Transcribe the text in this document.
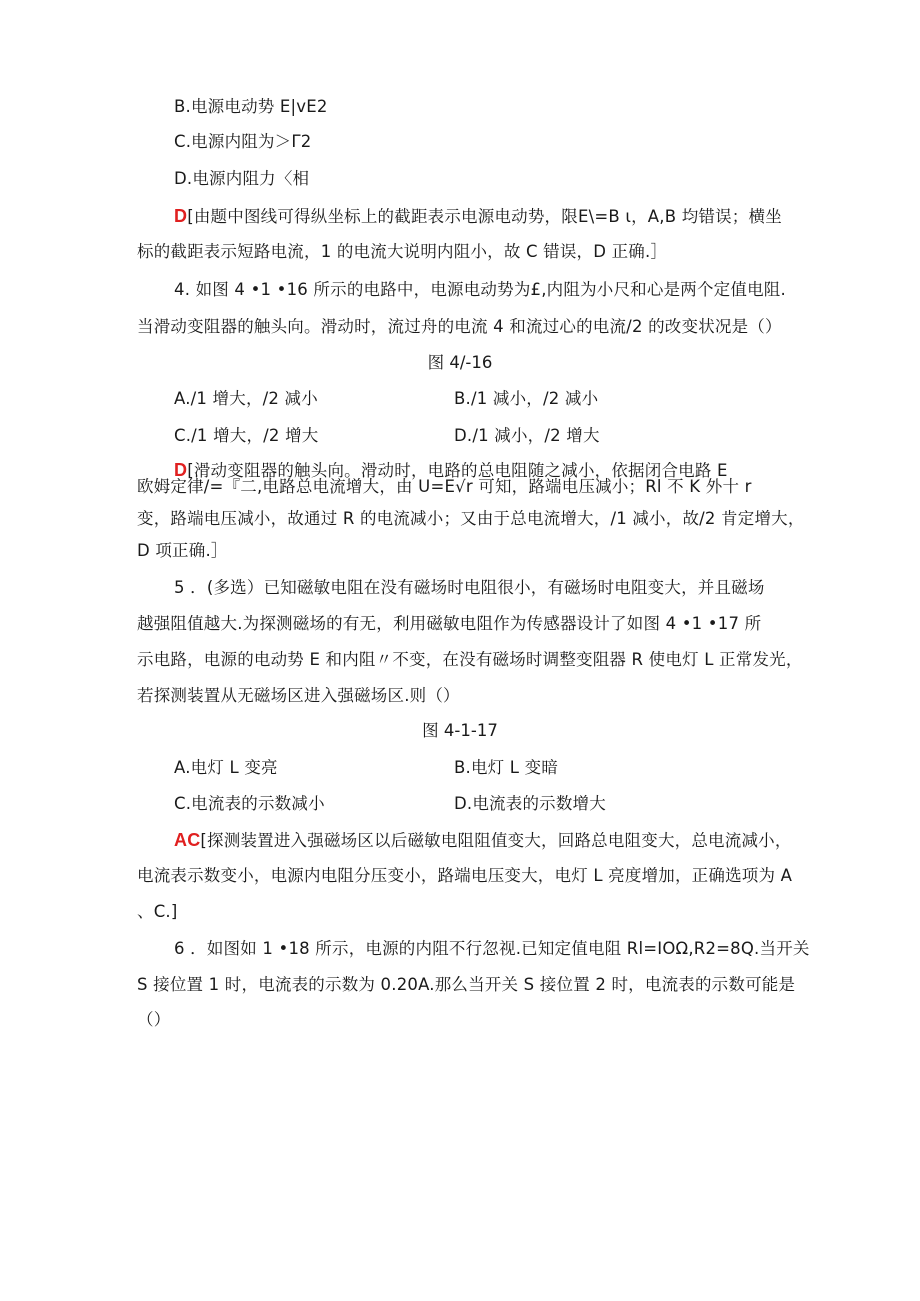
B.电源电动势 E|vE2
C.电源内阻为＞Γ2
D.电源内阻力〈相
D[由题中图线可得纵坐标上的截距表示电源电动势，限E\=B ι，A,B 均错误；横坐
标的截距表示短路电流，1 的电流大说明内阻小，故 C 错误，D 正确.］
4. 如图 4 •1 •16 所示的电路中，电源电动势为£,内阻为小尺和心是两个定值电阻.
当滑动变阻器的触头向。滑动时，流过舟的电流 4 和流过心的电流/2 的改变状况是（）
图 4/-16
A./1 增大，/2 减小	B./1 减小，/2 减小
C./1 增大，/2 增大	D./1 减小，/2 增大
D[滑动变阻器的触头向。滑动时，电路的总电阻随之减小，依据闭合电路 E
欧姆定律/=『二,电路总电流增大，由 U=E√r 可知，路端电压减小；Rl 不 K 外十 r
变，路端电压减小，故通过 R 的电流减小；又由于总电流增大，/1 减小，故/2 肯定增大，
D 项正确.］
5 ．(多选）已知磁敏电阻在没有磁场时电阻很小，有磁场时电阻变大，并且磁场
越强阻值越大.为探测磁场的有无，利用磁敏电阻作为传感器设计了如图 4 •1 •17 所
示电路，电源的电动势 E 和内阻〃不变，在没有磁场时调整变阻器 R 使电灯 L 正常发光，
若探测装置从无磁场区进入强磁场区.则（）
图 4-1-17
A.电灯 L 变亮	B.电灯 L 变暗
C.电流表的示数减小	D.电流表的示数增大
AC[探测装置进入强磁场区以后磁敏电阻阻值变大，回路总电阻变大，总电流减小，
电流表示数变小，电源内电阻分压变小，路端电压变大，电灯 L 亮度增加，正确选项为 A
、C.]
6 ．如图如 1 •18 所示，电源的内阻不行忽视.已知定值电阻 Rl=IOΩ,R2=8Q.当开关
S 接位置 1 时，电流表的示数为 0.20A.那么当开关 S 接位置 2 时，电流表的示数可能是
（）
